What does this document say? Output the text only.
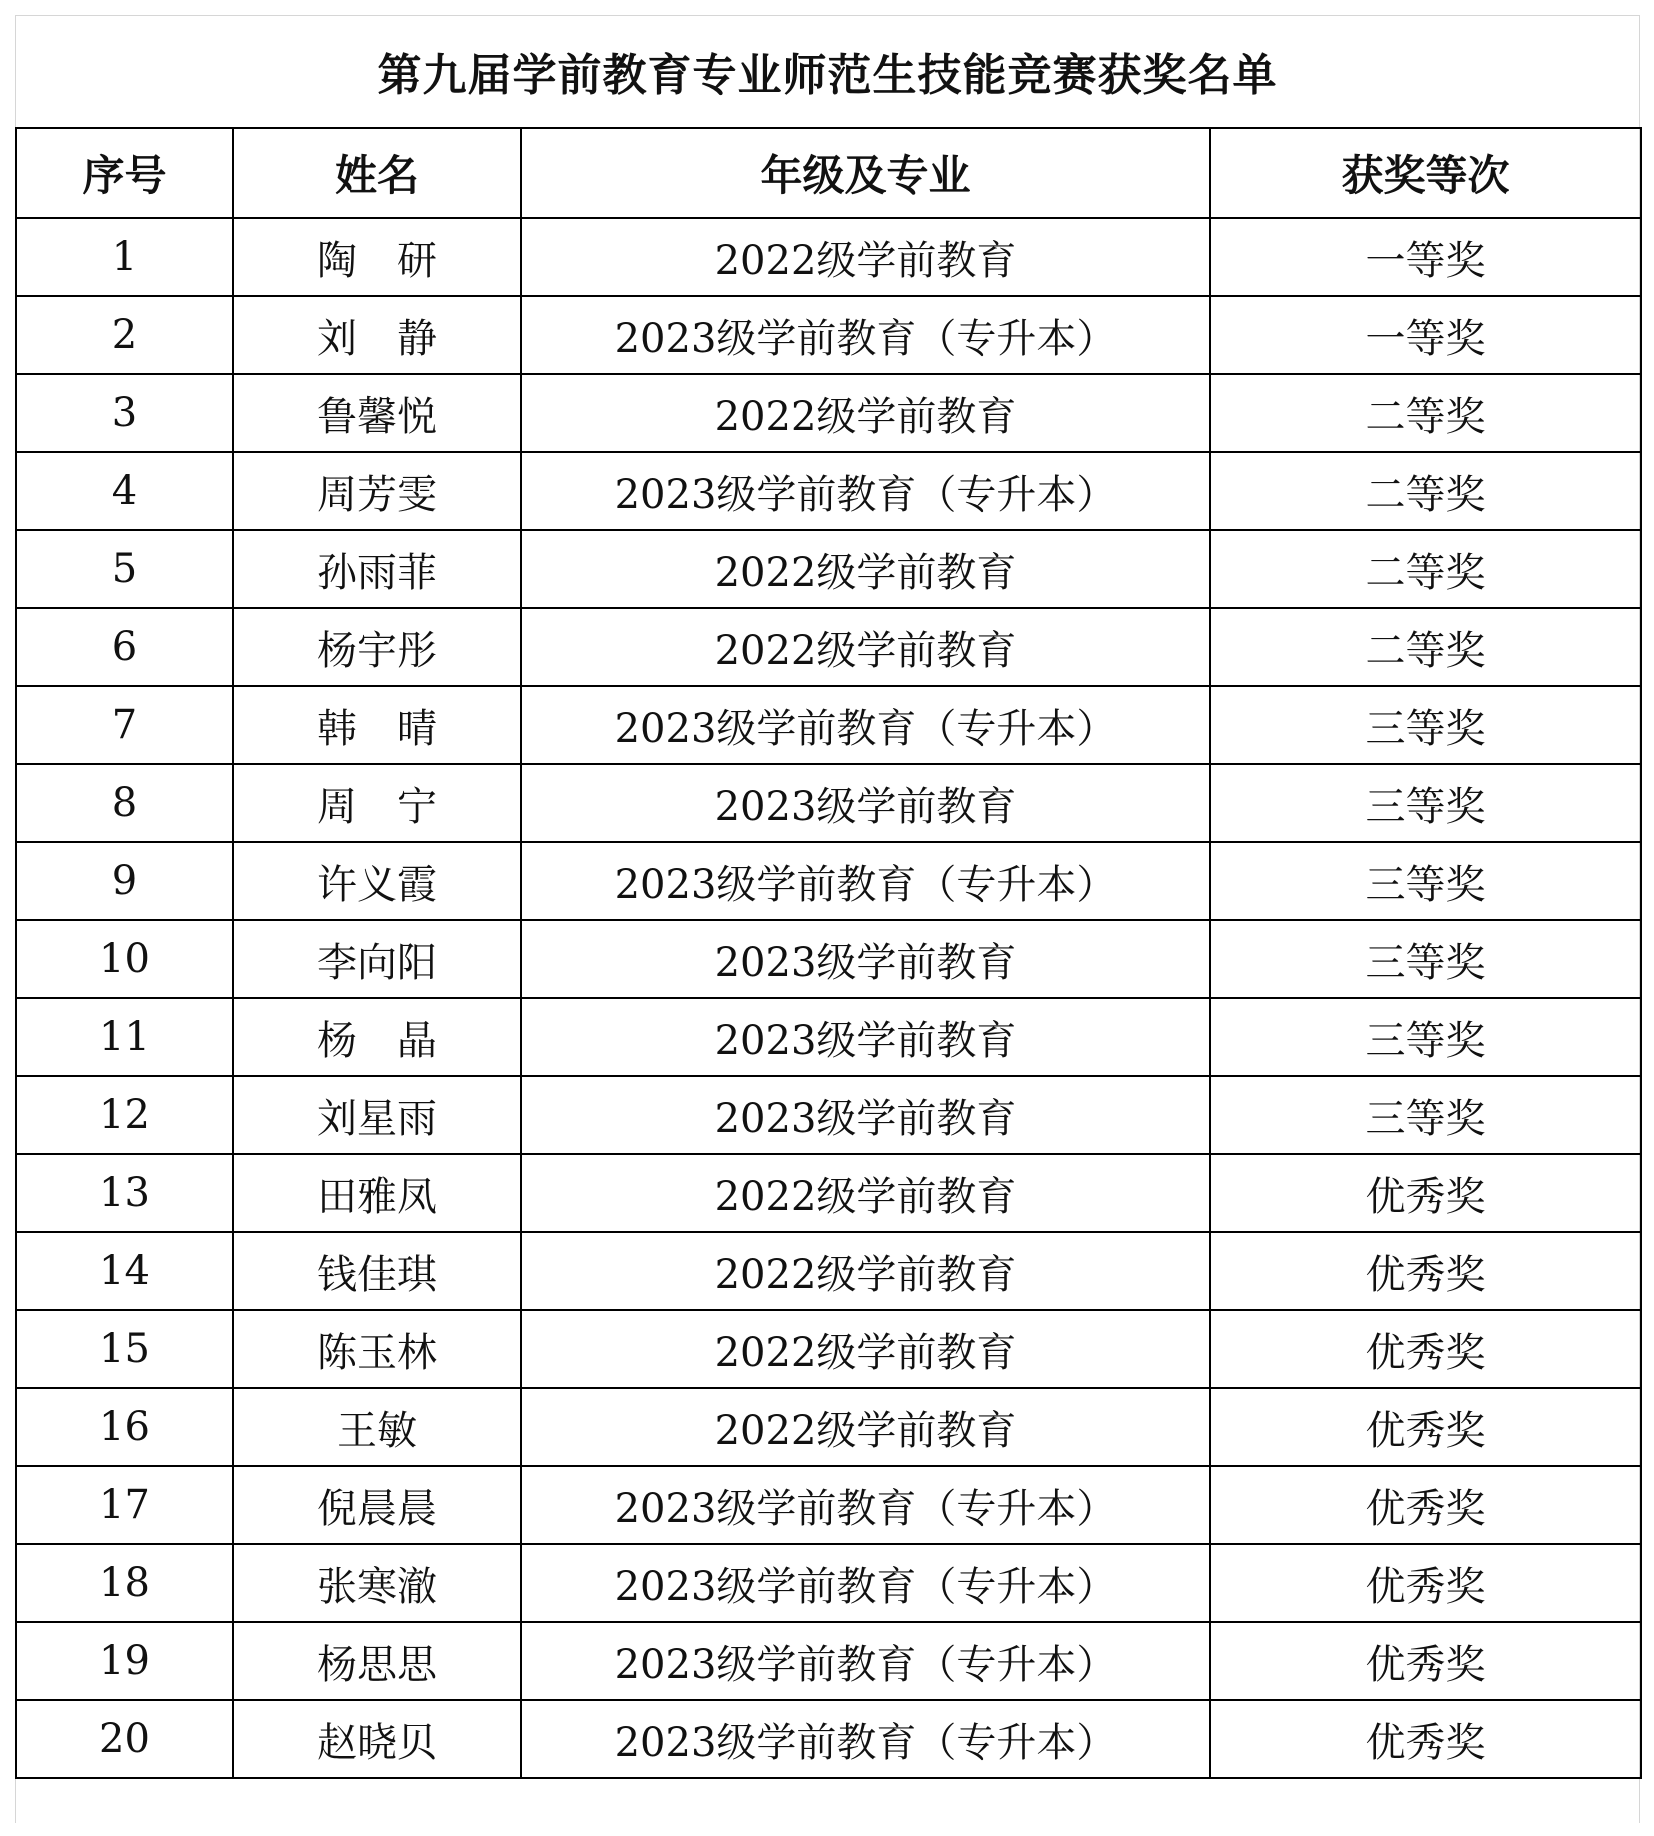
第九届学前教育专业师范生技能竞赛获奖名单
序号	姓名	年级及专业	获奖等次
1	陶　研	2022级学前教育	一等奖
2	刘　静	2023级学前教育（专升本）	一等奖
3	鲁馨悦	2022级学前教育	二等奖
4	周芳雯	2023级学前教育（专升本）	二等奖
5	孙雨菲	2022级学前教育	二等奖
6	杨宇彤	2022级学前教育	二等奖
7	韩　晴	2023级学前教育（专升本）	三等奖
8	周　宁	2023级学前教育	三等奖
9	许义霞	2023级学前教育（专升本）	三等奖
10	李向阳	2023级学前教育	三等奖
11	杨　晶	2023级学前教育	三等奖
12	刘星雨	2023级学前教育	三等奖
13	田雅凤	2022级学前教育	优秀奖
14	钱佳琪	2022级学前教育	优秀奖
15	陈玉林	2022级学前教育	优秀奖
16	王敏	2022级学前教育	优秀奖
17	倪晨晨	2023级学前教育（专升本）	优秀奖
18	张寒澈	2023级学前教育（专升本）	优秀奖
19	杨思思	2023级学前教育（专升本）	优秀奖
20	赵晓贝	2023级学前教育（专升本）	优秀奖
